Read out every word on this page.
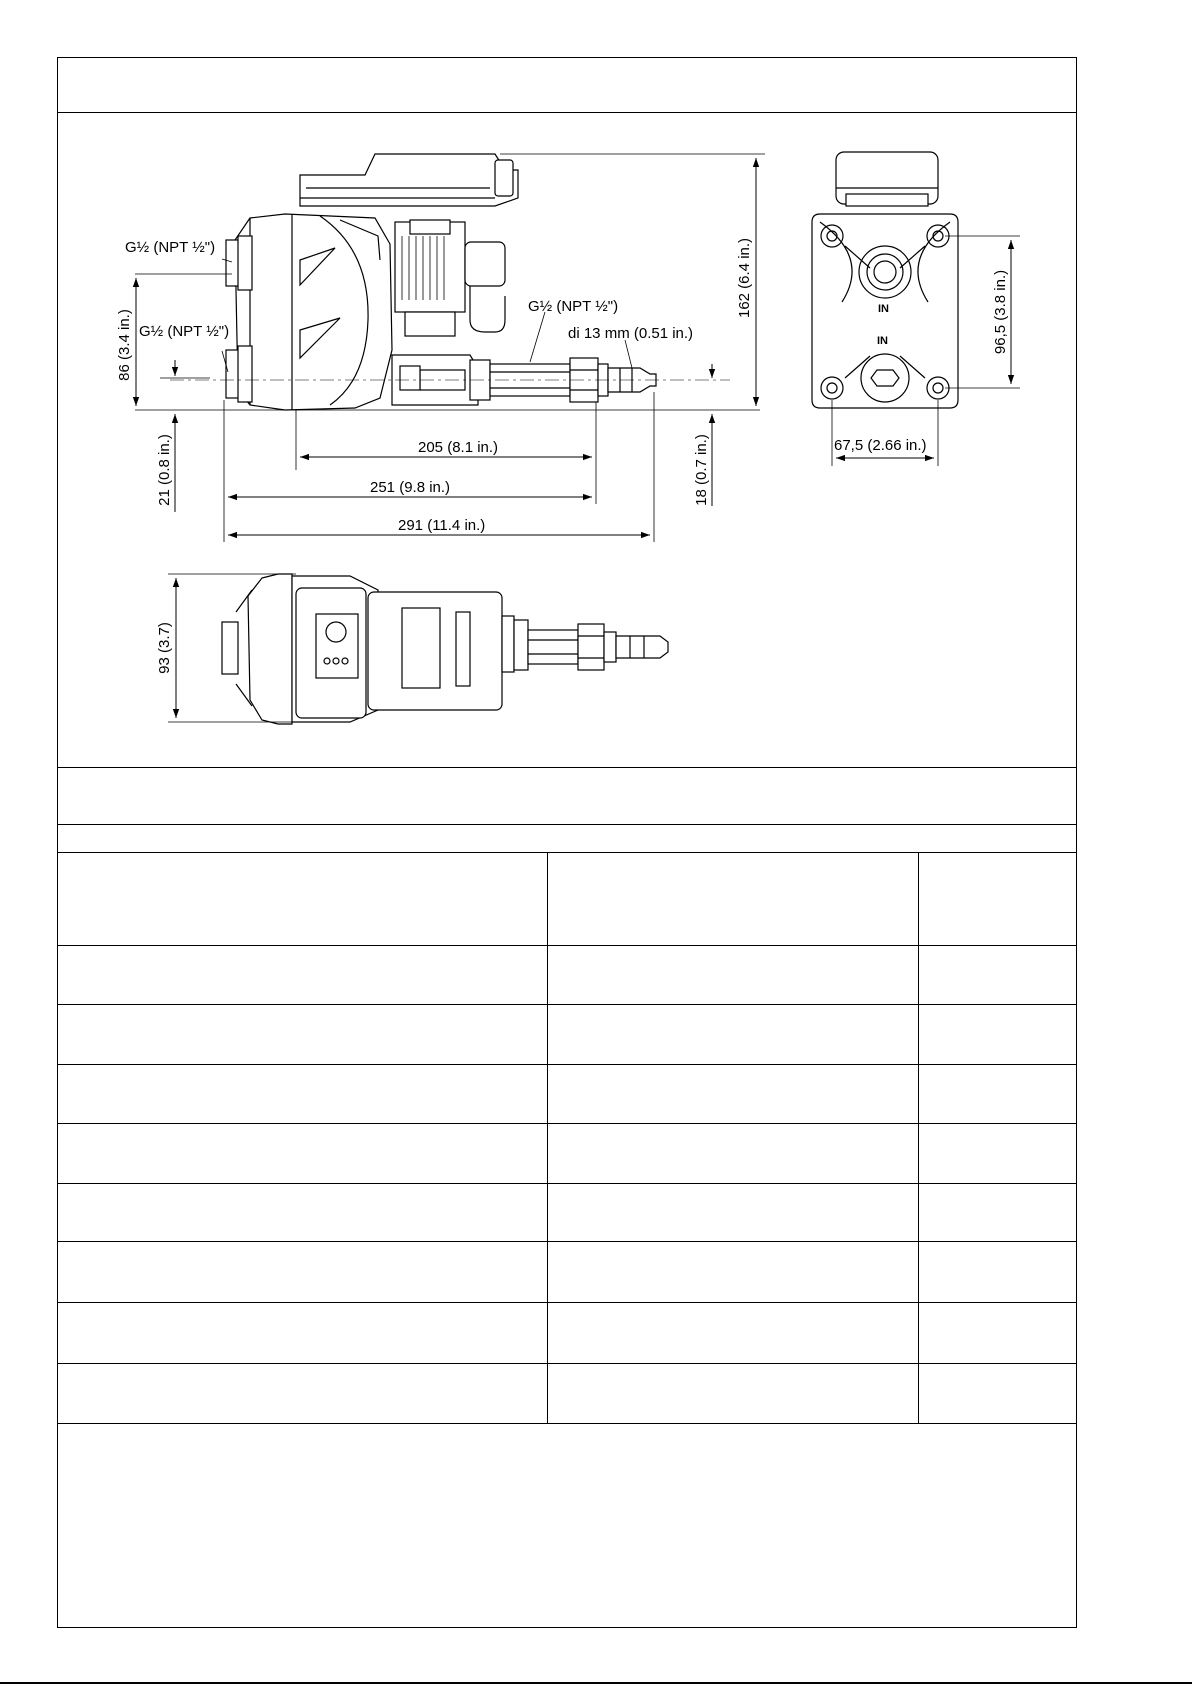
G½ (NPT ½")
G½ (NPT ½")
G½ (NPT ½")
di 13 mm (0.51 in.)
205 (8.1 in.)
251 (9.8 in.)
291 (11.4 in.)
162 (6.4 in.)
86 (3.4 in.)
21 (0.8 in.)	18 (0.7 in.)
IN
IN
67,5 (2.66 in.)
96,5 (3.8 in.)
93 (3.7)
